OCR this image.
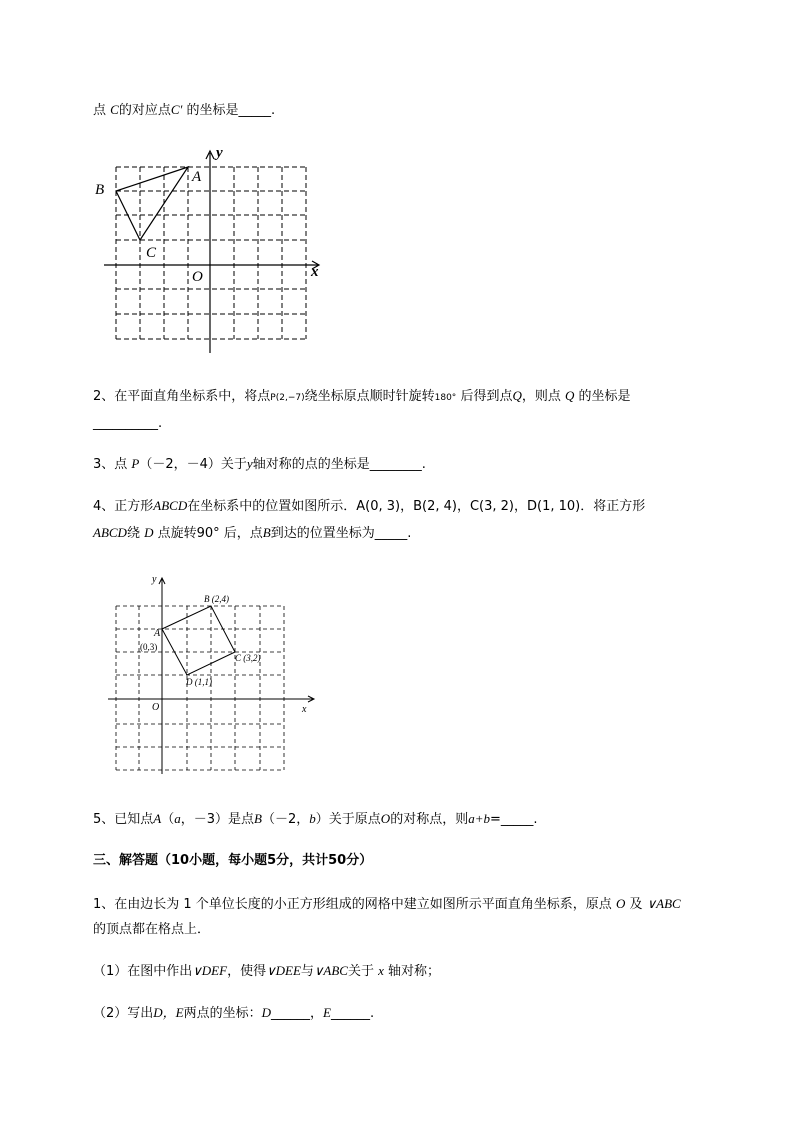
点 C的对应点C′ 的坐标是_____.
y
x
O
A
B
C
2、在平面直角坐标系中，将点P(2,−7)绕坐标原点顺时针旋转180° 后得到点Q，则点 Q 的坐标是
__________.
3、点 P（－2，－4）关于y轴对称的点的坐标是________.
4、正方形ABCD在坐标系中的位置如图所示．A(0, 3)，B(2, 4)，C(3, 2)，D(1, 10)．将正方形
ABCD绕 D 点旋转90° 后，点B到达的位置坐标为_____.
y
x
O
A
(0,3)
B (2,4)
C (3,2)
D (1,1)
5、已知点A（a，－3）是点B（－2，b）关于原点O的对称点，则a+b=_____.
三、解答题（10小题，每小题5分，共计50分）
1、在由边长为 1 个单位长度的小正方形组成的网格中建立如图所示平面直角坐标系，原点 O 及 ∨ABC
的顶点都在格点上．
（1）在图中作出∨DEF，使得∨DEE与∨ABC关于 x 轴对称；
（2）写出D，E两点的坐标：D______，E______.
